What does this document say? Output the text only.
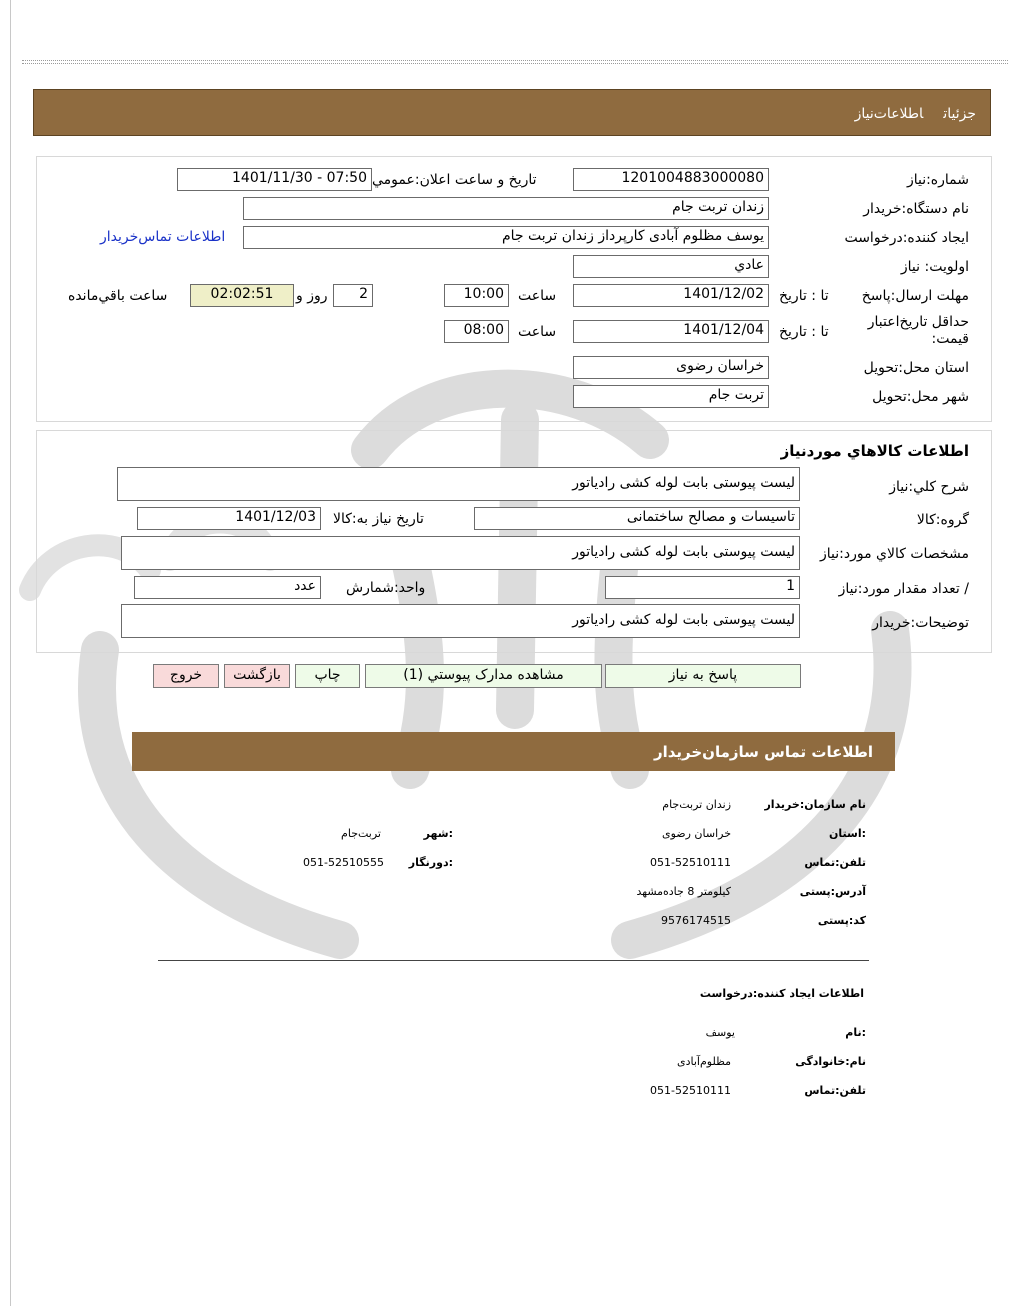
جزئياتاطلاعات‌نياز
شماره:نیاز
1201004883000080
تاريخ و ساعت اعلان:عمومي
1401/11/30 - 07:50
نام دستگاه:خريدار
زندان تربت جام
ايجاد کننده:درخواست
یوسف مظلوم آبادی کارپرداز زندان تربت جام
اطلاعات تماس‌خريدار
اولويت: نياز
عادي
مهلت ارسال:پاسخ
تا : تاريخ
1401/12/02
ساعت
10:00
2
روز و
02:02:51
ساعت باقي‌مانده
حداقل تاريخ‌اعتبار قيمت:
تا : تاريخ
1401/12/04
ساعت
08:00
استان محل:تحويل
خراسان رضوی
شهر محل:تحويل
تربت جام
اطلاعات کالاهاي موردنياز
شرح کلي:نياز
لیست پیوستی بابت لوله کشی رادیاتور
گروه:کالا
تاسیسات و مصالح ساختمانی
تاريخ نياز به:کالا
1401/12/03
مشخصات کالاي مورد:نياز
لیست پیوستی بابت لوله کشی رادیاتور
/ تعداد مقدار مورد:نياز
1
واحد:شمارش
عدد
توضيحات:خريدار
لیست پیوستی بابت لوله کشی رادیاتور
پاسخ به نياز
مشاهده مدارک پيوستي (1)
چاپ
بازگشت
خروج
اطلاعات تماس سازمان‌خريدار
نام سازمان:خریدار
زندان تربت‌جام
:استان
خراسان رضوی
:شهر
تربت‌جام
تلفن:تماس
051-52510111
:دورنگار
051-52510555
آدرس:پستی
کیلومتر 8 جاده‌مشهد
کد:پستی
9576174515
اطلاعات ایجاد کننده:درخواست
:نام
یوسف
نام:خانوادگی
مظلوم‌آبادی
تلفن:تماس
051-52510111
